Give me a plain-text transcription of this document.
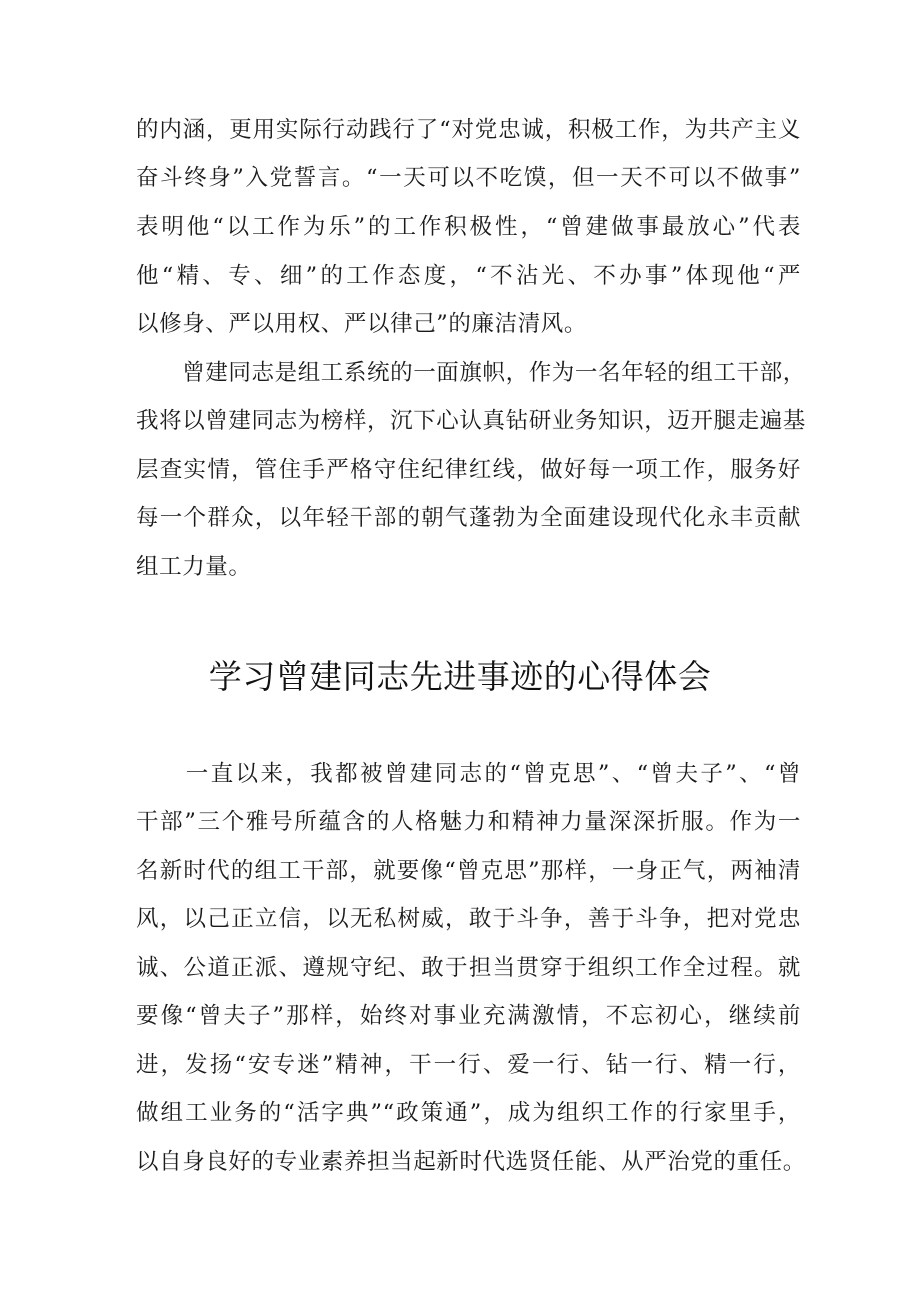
的内涵，更用实际行动践行了“对党忠诚，积极工作，为共产主义

奋斗终身”入党誓言。“一天可以不吃馍，但一天不可以不做事”

表明他“以工作为乐”的工作积极性，“曾建做事最放心”代表

他“精、专、细”的工作态度，“不沾光、不办事”体现他“严

以修身、严以用权、严以律己”的廉洁清风。

　　曾建同志是组工系统的一面旗帜，作为一名年轻的组工干部，

我将以曾建同志为榜样，沉下心认真钻研业务知识，迈开腿走遍基

层查实情，管住手严格守住纪律红线，做好每一项工作，服务好

每一个群众，以年轻干部的朝气蓬勃为全面建设现代化永丰贡献

组工力量。

学习曾建同志先进事迹的心得体会

　　一直以来，我都被曾建同志的“曾克思”、“曾夫子”、“曾

干部”三个雅号所蕴含的人格魅力和精神力量深深折服。作为一

名新时代的组工干部，就要像“曾克思”那样，一身正气，两袖清

风，以己正立信，以无私树威，敢于斗争，善于斗争，把对党忠

诚、公道正派、遵规守纪、敢于担当贯穿于组织工作全过程。就

要像“曾夫子”那样，始终对事业充满激情，不忘初心，继续前

进，发扬“安专迷”精神，干一行、爱一行、钻一行、精一行，

做组工业务的“活字典”“政策通”，成为组织工作的行家里手，

以自身良好的专业素养担当起新时代选贤任能、从严治党的重任。
